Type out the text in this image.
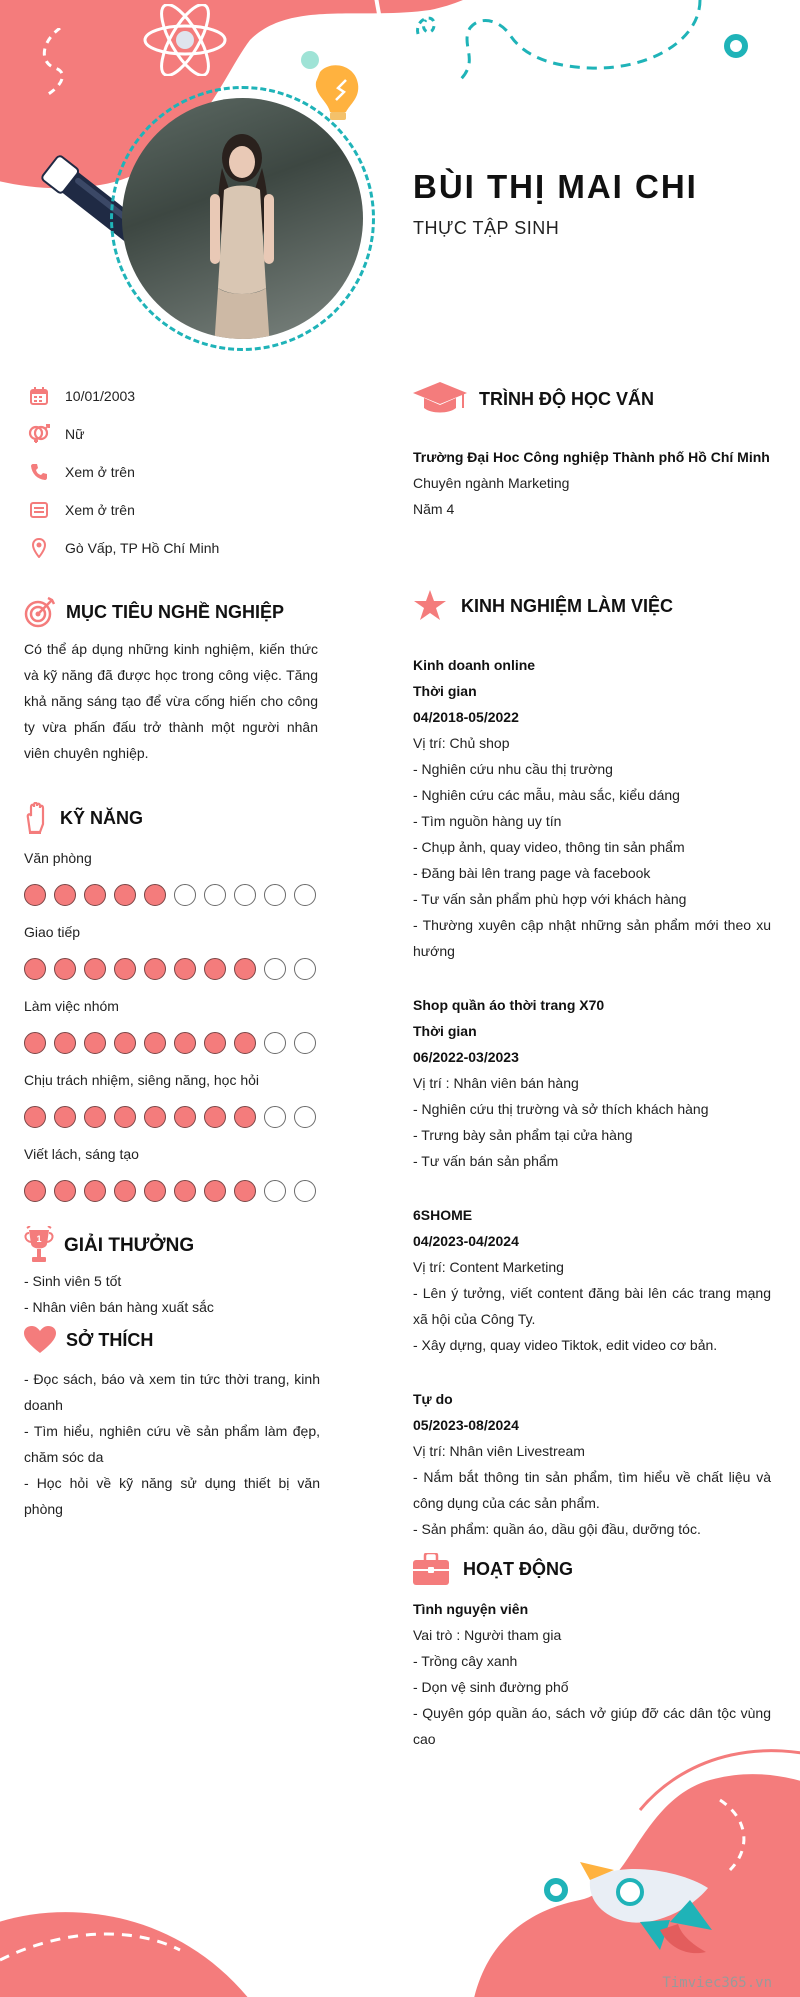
BÙI THỊ MAI CHI
THỰC TẬP SINH
10/01/2003
Nữ
Xem ở trên
Xem ở trên
Gò Vấp, TP Hồ Chí Minh
MỤC TIÊU NGHỀ NGHIỆP
Có thể áp dụng những kinh nghiệm, kiến thức và kỹ năng đã được học trong công việc. Tăng khả năng sáng tạo để vừa cống hiến cho công ty vừa phấn đấu trở thành một người nhân viên chuyên nghiệp.
KỸ NĂNG
Văn phòng
Giao tiếp
Làm việc nhóm
Chịu trách nhiệm, siêng năng, học hỏi
Viết lách, sáng tạo
1 GIẢI THƯỞNG
- Sinh viên 5 tốt
- Nhân viên bán hàng xuất sắc
SỞ THÍCH
- Đọc sách, báo và xem tin tức thời trang, kinh doanh
- Tìm hiểu, nghiên cứu về sản phẩm làm đẹp, chăm sóc da
- Học hỏi về kỹ năng sử dụng thiết bị văn phòng
TRÌNH ĐỘ HỌC VẤN
Trường Đại Hoc Công nghiệp Thành phố Hồ Chí Minh
Chuyên ngành Marketing
Năm 4
KINH NGHIỆM LÀM VIỆC
Kinh doanh online
Thời gian
04/2018-05/2022
Vị trí: Chủ shop
- Nghiên cứu nhu cầu thị trường
- Nghiên cứu các mẫu, màu sắc, kiểu dáng
- Tìm nguồn hàng uy tín
- Chụp ảnh, quay video, thông tin sản phẩm
- Đăng bài lên trang page và facebook
- Tư vấn sản phẩm phù hợp với khách hàng
- Thường xuyên cập nhật những sản phẩm mới theo xu hướng
Shop quần áo thời trang X70
Thời gian
06/2022-03/2023
Vị trí : Nhân viên bán hàng
- Nghiên cứu thị trường và sở thích khách hàng
- Trưng bày sản phẩm tại cửa hàng
- Tư vấn bán sản phẩm
6SHOME
04/2023-04/2024
Vị trí: Content Marketing
- Lên ý tưởng, viết content đăng bài lên các trang mạng xã hội của Công Ty.
- Xây dựng, quay video Tiktok, edit video cơ bản.
Tự do
05/2023-08/2024
Vị trí: Nhân viên Livestream
- Nắm bắt thông tin sản phẩm, tìm hiểu về chất liệu và công dụng của các sản phẩm.
- Sản phẩm: quần áo, dầu gội đầu, dưỡng tóc.
HOẠT ĐỘNG
Tình nguyện viên
Vai trò : Người tham gia
- Trồng cây xanh
- Dọn vệ sinh đường phố
- Quyên góp quần áo, sách vở giúp đỡ các dân tộc vùng cao
Timviec365.vn
